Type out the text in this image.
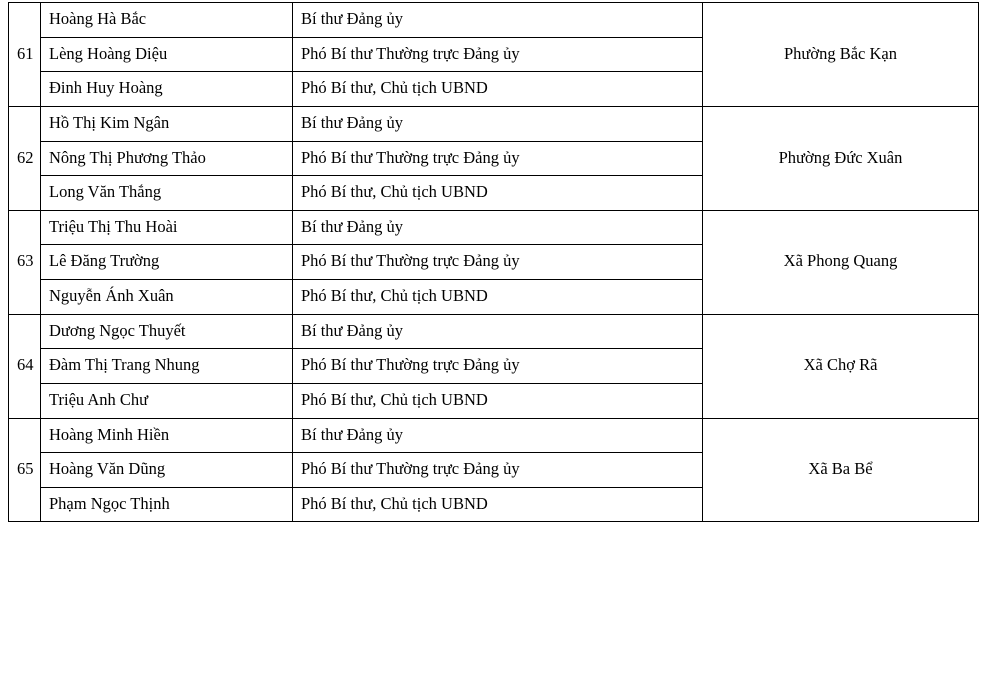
61	Hoàng Hà Bắc	Bí thư Đảng ủy	Phường Bắc Kạn
	Lèng Hoàng Diệu	Phó Bí thư Thường trực Đảng ủy	
	Đinh Huy Hoàng	Phó Bí thư, Chủ tịch UBND	
62	Hồ Thị Kim Ngân	Bí thư Đảng ủy	Phường Đức Xuân
	Nông Thị Phương Thảo	Phó Bí thư Thường trực Đảng ủy	
	Long Văn Thắng	Phó Bí thư, Chủ tịch UBND	
63	Triệu Thị Thu Hoài	Bí thư Đảng ủy	Xã Phong Quang
	Lê Đăng Trường	Phó Bí thư Thường trực Đảng ủy	
	Nguyễn Ánh Xuân	Phó Bí thư, Chủ tịch UBND	
64	Dương Ngọc Thuyết	Bí thư Đảng ủy	Xã Chợ Rã
	Đàm Thị Trang Nhung	Phó Bí thư Thường trực Đảng ủy	
	Triệu Anh Chư	Phó Bí thư, Chủ tịch UBND	
65	Hoàng Minh Hiền	Bí thư Đảng ủy	Xã Ba Bể
	Hoàng Văn Dũng	Phó Bí thư Thường trực Đảng ủy	
	Phạm Ngọc Thịnh	Phó Bí thư, Chủ tịch UBND	
